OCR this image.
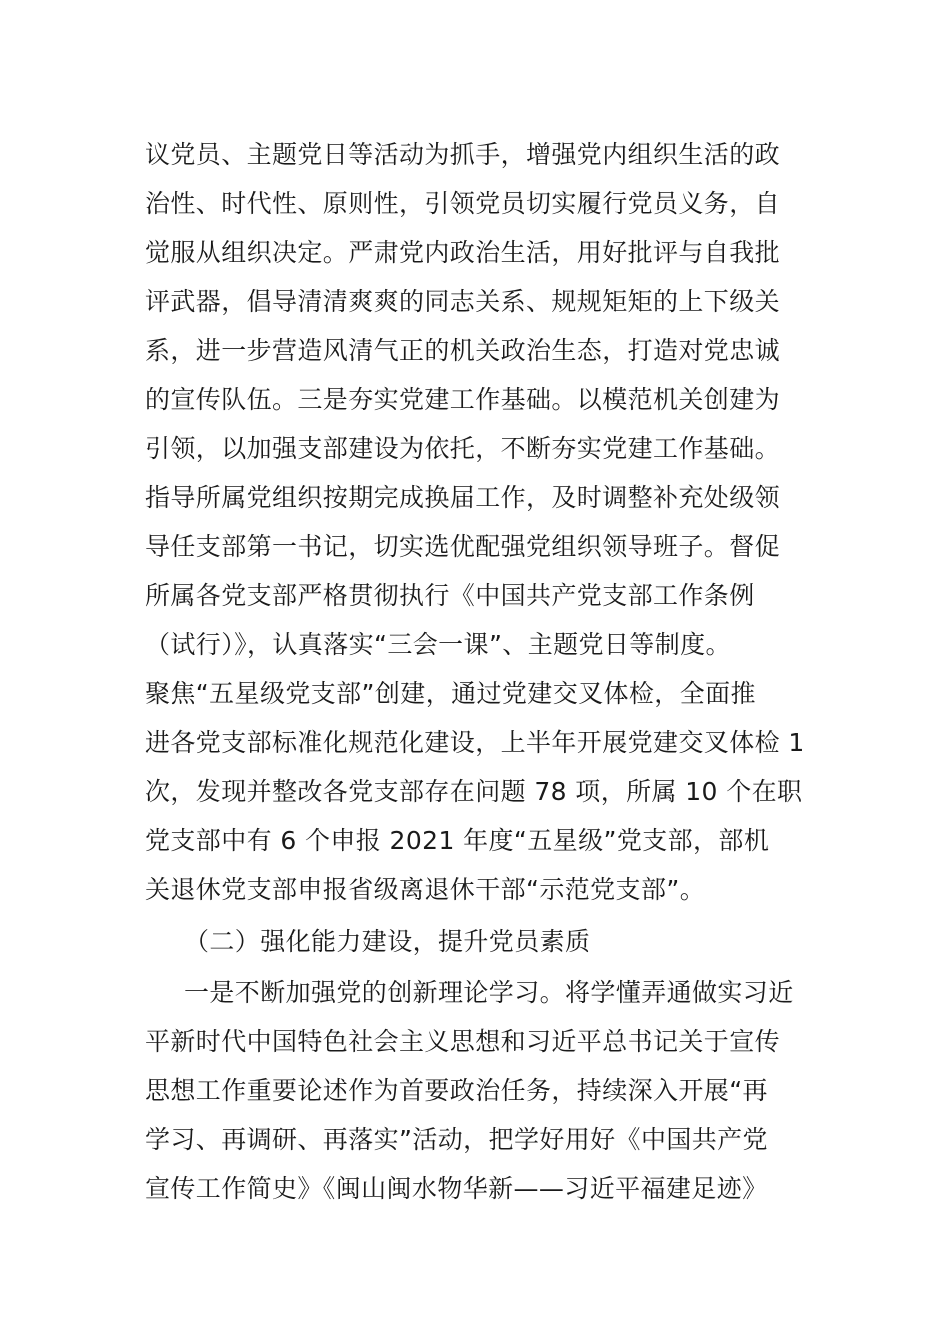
议党员、主题党日等活动为抓手，增强党内组织生活的政
治性、时代性、原则性，引领党员切实履行党员义务，自
觉服从组织决定。严肃党内政治生活，用好批评与自我批
评武器，倡导清清爽爽的同志关系、规规矩矩的上下级关
系，进一步营造风清气正的机关政治生态，打造对党忠诚
的宣传队伍。三是夯实党建工作基础。以模范机关创建为
引领，以加强支部建设为依托，不断夯实党建工作基础。
指导所属党组织按期完成换届工作，及时调整补充处级领
导任支部第一书记，切实选优配强党组织领导班子。督促
所属各党支部严格贯彻执行《中国共产党支部工作条例
（试行）》，认真落实“三会一课”、主题党日等制度。
聚焦“五星级党支部”创建，通过党建交叉体检，全面推
进各党支部标准化规范化建设，上半年开展党建交叉体检 1
次，发现并整改各党支部存在问题 78 项，所属 10 个在职
党支部中有 6 个申报 2021 年度“五星级”党支部，部机
关退休党支部申报省级离退休干部“示范党支部”。
（二）强化能力建设，提升党员素质
一是不断加强党的创新理论学习。将学懂弄通做实习近
平新时代中国特色社会主义思想和习近平总书记关于宣传
思想工作重要论述作为首要政治任务，持续深入开展“再
学习、再调研、再落实”活动，把学好用好《中国共产党
宣传工作简史》《闽山闽水物华新——习近平福建足迹》
